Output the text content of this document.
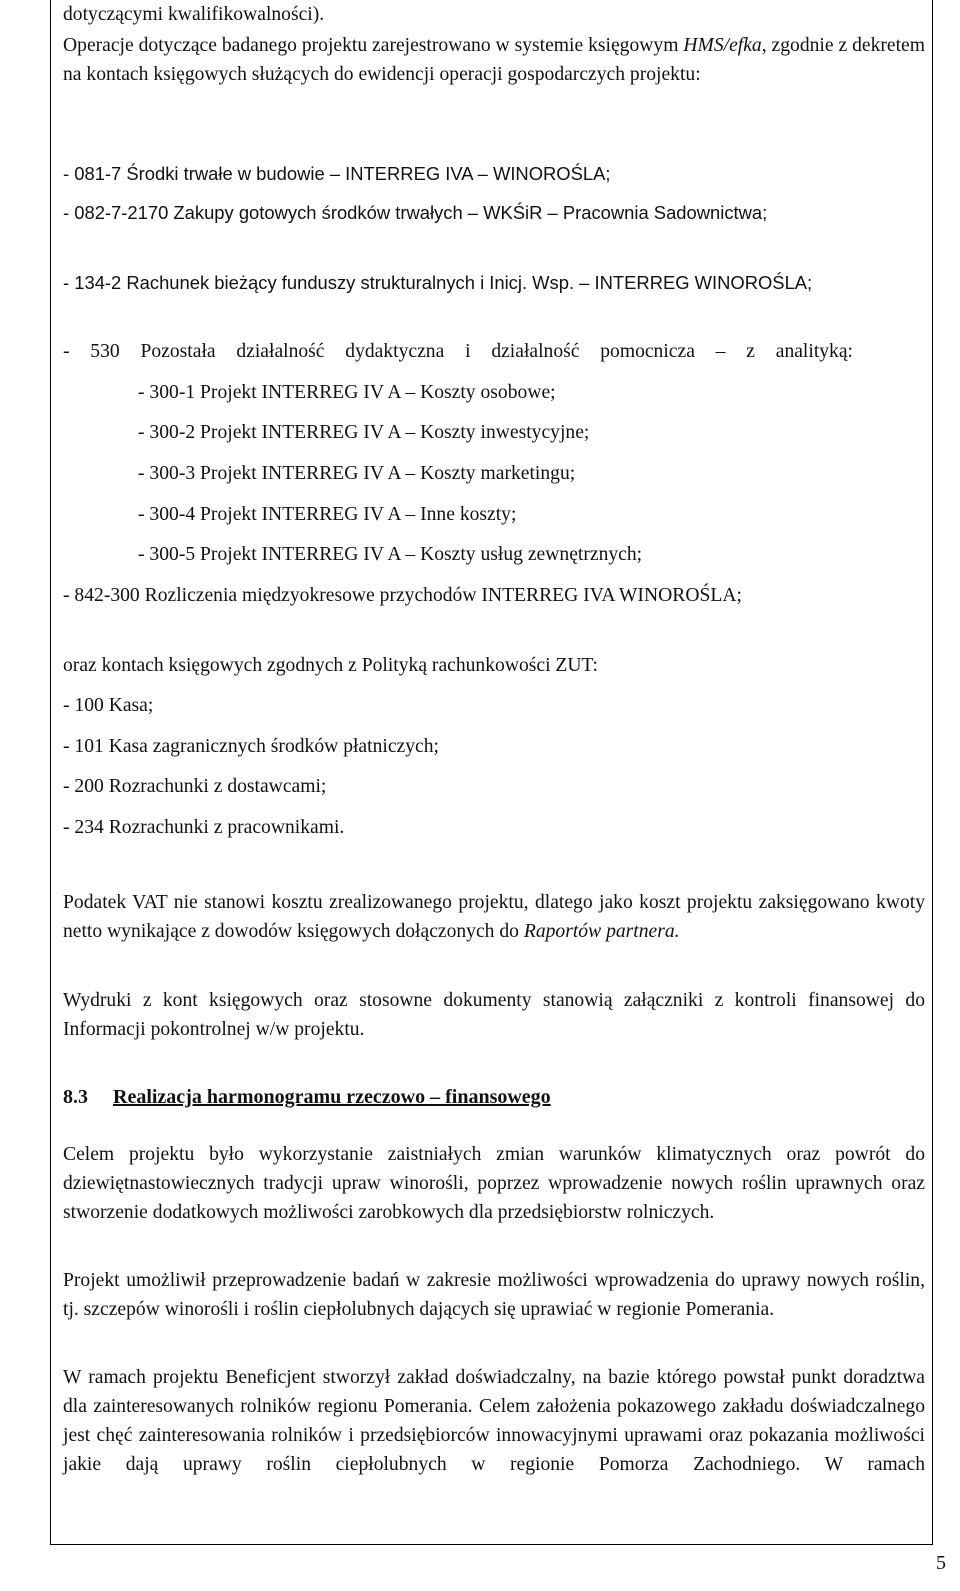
dotyczącymi kwalifikowalności).
Operacje dotyczące badanego projektu zarejestrowano w systemie księgowym HMS/efka, zgodnie z dekretem na kontach księgowych służących do ewidencji operacji gospodarczych projektu:
- 081-7 Środki trwałe w budowie – INTERREG IVA – WINOROŚLA;
- 082-7-2170 Zakupy gotowych środków trwałych – WKŚiR – Pracownia Sadownictwa;
- 134-2 Rachunek bieżący funduszy strukturalnych i Inicj. Wsp. – INTERREG WINOROŚLA;
- 530 Pozostała działalność dydaktyczna i działalność pomocnicza – z analityką:
- 300-1 Projekt INTERREG IV A – Koszty osobowe;
- 300-2 Projekt INTERREG IV A – Koszty inwestycyjne;
- 300-3 Projekt INTERREG IV A – Koszty marketingu;
- 300-4 Projekt INTERREG IV A – Inne koszty;
- 300-5 Projekt INTERREG IV A – Koszty usług zewnętrznych;
- 842-300 Rozliczenia międzyokresowe przychodów INTERREG IVA WINOROŚLA;
oraz kontach księgowych zgodnych z Polityką rachunkowości ZUT:
- 100 Kasa;
- 101 Kasa zagranicznych środków płatniczych;
- 200 Rozrachunki z dostawcami;
- 234 Rozrachunki z pracownikami.
Podatek VAT nie stanowi kosztu zrealizowanego projektu, dlatego jako koszt projektu zaksięgowano kwoty netto wynikające z dowodów księgowych dołączonych do Raportów partnera.
Wydruki z kont księgowych oraz stosowne dokumenty stanowią załączniki z kontroli finansowej do Informacji pokontrolnej w/w projektu.
8.3 Realizacja harmonogramu rzeczowo – finansowego
Celem projektu było wykorzystanie zaistniałych zmian warunków klimatycznych oraz powrót do dziewiętnastowiecznych tradycji upraw winorośli, poprzez wprowadzenie nowych roślin uprawnych oraz stworzenie dodatkowych możliwości zarobkowych dla przedsiębiorstw rolniczych.
Projekt umożliwił przeprowadzenie badań w zakresie możliwości wprowadzenia do uprawy nowych roślin, tj. szczepów winorośli i roślin ciepłolubnych dających się uprawiać w regionie Pomerania.
W ramach projektu Beneficjent stworzył zakład doświadczalny, na bazie którego powstał punkt doradztwa dla zainteresowanych rolników regionu Pomerania. Celem założenia pokazowego zakładu doświadczalnego jest chęć zainteresowania rolników i przedsiębiorców innowacyjnymi uprawami oraz pokazania możliwości jakie dają uprawy roślin ciepłolubnych w regionie Pomorza Zachodniego. W ramach
5
